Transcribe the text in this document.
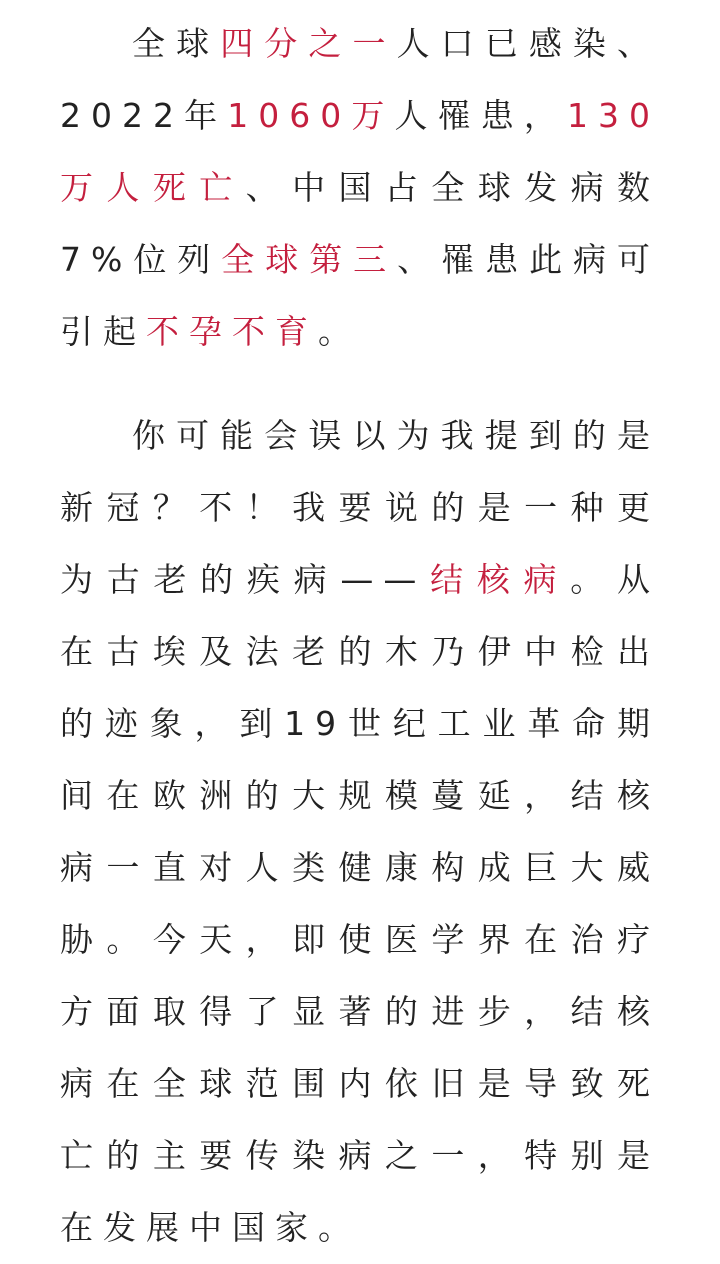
全球四分之一人口已感染、2022年1060万人罹患，130万人死亡、中国占全球发病数7%位列全球第三、罹患此病可引起不孕不育。

你可能会误以为我提到的是新冠？不！我要说的是一种更为古老的疾病——结核病。从在古埃及法老的木乃伊中检出的迹象，到19世纪工业革命期间在欧洲的大规模蔓延，结核病一直对人类健康构成巨大威胁。今天，即使医学界在治疗方面取得了显著的进步，结核病在全球范围内依旧是导致死亡的主要传染病之一，特别是在发展中国家。
